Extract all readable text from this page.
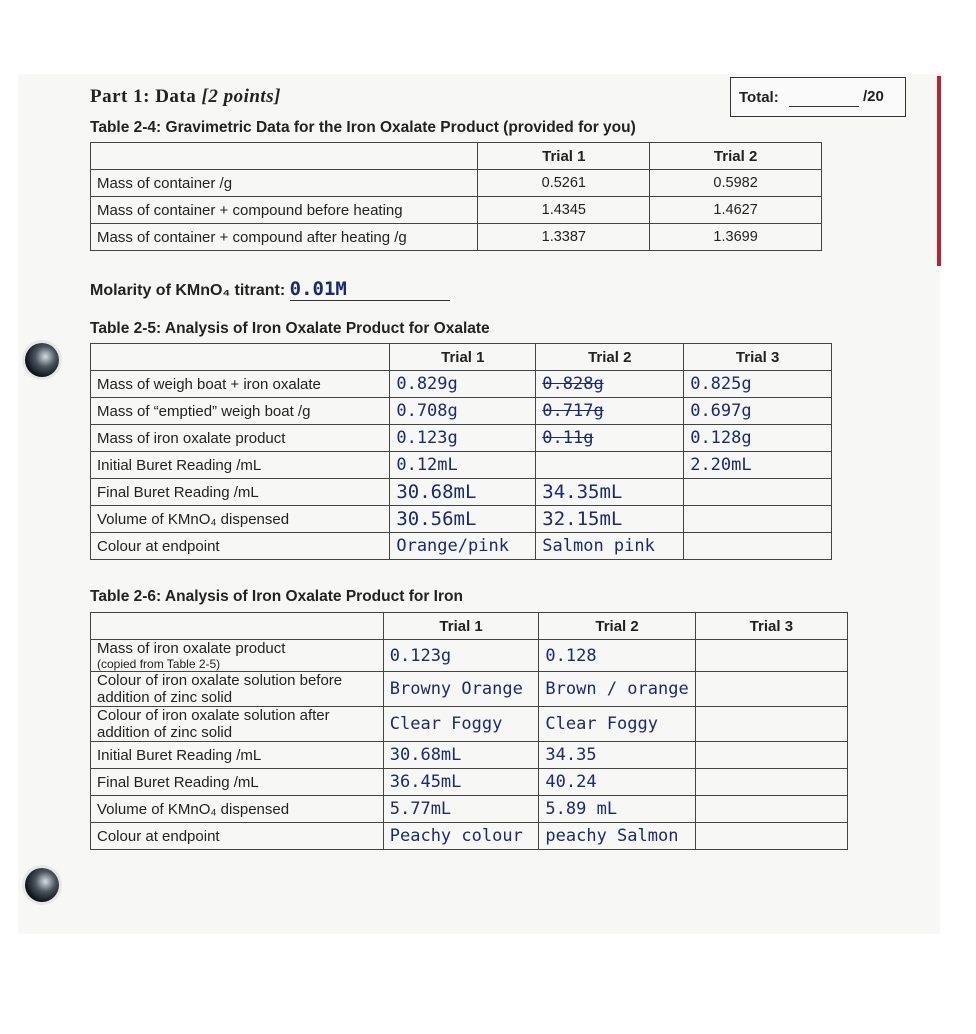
Part 1: Data [2 points]	Total:	/20
Table 2-4: Gravimetric Data for the Iron Oxalate Product (provided for you)
	Trial 1	Trial 2
Mass of container /g	0.5261	0.5982
Mass of container + compound before heating	1.4345	1.4627
Mass of container + compound after heating /g	1.3387	1.3699
Molarity of KMnO₄ titrant: 0.01M
Table 2-5: Analysis of Iron Oxalate Product for Oxalate
	Trial 1	Trial 2	Trial 3
Mass of weigh boat + iron oxalate	0.829g	0.828g	0.825g
Mass of “emptied” weigh boat /g	0.708g	0.717g	0.697g
Mass of iron oxalate product	0.123g	0.11g	0.128g
Initial Buret Reading /mL	0.12mL		2.20mL
Final Buret Reading /mL	30.68mL	34.35mL	
Volume of KMnO₄ dispensed	30.56mL	32.15mL	
Colour at endpoint	Orange/pink	Salmon pink	
Table 2-6: Analysis of Iron Oxalate Product for Iron
	Trial 1	Trial 2	Trial 3

Mass of iron oxalate product
(copied from Table 2-5)	0.123g	0.128	
Colour of iron oxalate solution before addition of zinc solid	Browny Orange	Brown / orange	
Colour of iron oxalate solution after addition of zinc solid	Clear Foggy	Clear Foggy	
Initial Buret Reading /mL	30.68mL	34.35	
Final Buret Reading /mL	36.45mL	40.24	
Volume of KMnO₄ dispensed	5.77mL	5.89 mL	
Colour at endpoint	Peachy colour	peachy Salmon	
